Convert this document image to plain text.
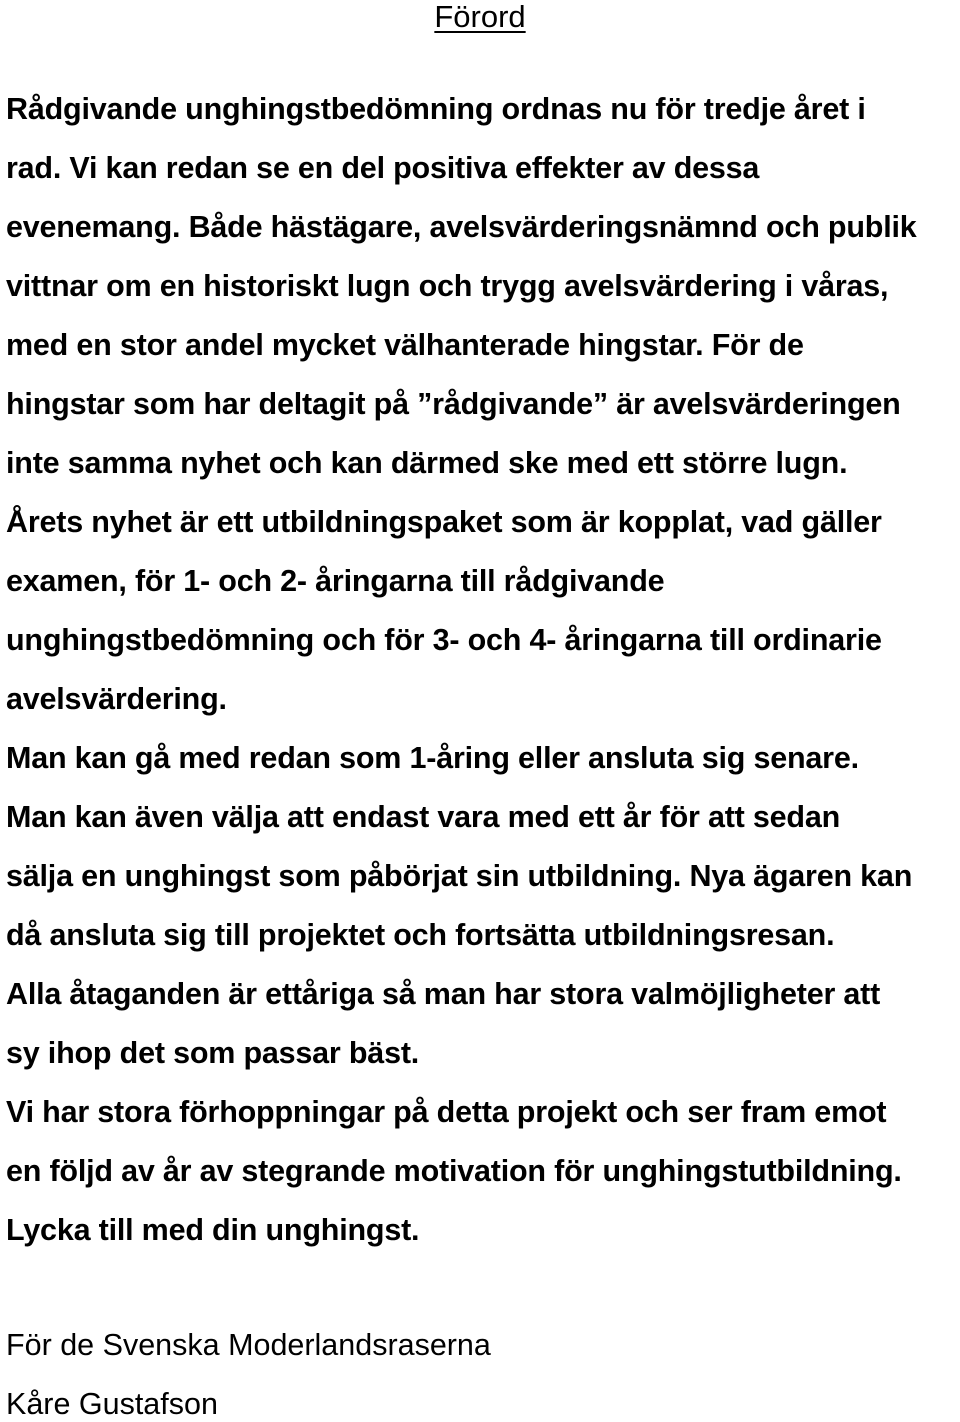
Förord
Rådgivande unghingstbedömning ordnas nu för tredje året i
rad. Vi kan redan se en del positiva effekter av dessa
evenemang. Både hästägare, avelsvärderingsnämnd och publik
vittnar om en historiskt lugn och trygg avelsvärdering i våras,
med en stor andel mycket välhanterade hingstar. För de
hingstar som har deltagit på ”rådgivande” är avelsvärderingen
inte samma nyhet och kan därmed ske med ett större lugn.
Årets nyhet är ett utbildningspaket som är kopplat, vad gäller
examen, för 1- och 2- åringarna till rådgivande
unghingstbedömning och för 3- och 4- åringarna till ordinarie
avelsvärdering.
Man kan gå med redan som 1-åring eller ansluta sig senare.
Man kan även välja att endast vara med ett år för att sedan
sälja en unghingst som påbörjat sin utbildning. Nya ägaren kan
då ansluta sig till projektet och fortsätta utbildningsresan.
Alla åtaganden är ettåriga så man har stora valmöjligheter att
sy ihop det som passar bäst.
Vi har stora förhoppningar på detta projekt och ser fram emot
en följd av år av stegrande motivation för unghingstutbildning.
Lycka till med din unghingst.
För de Svenska Moderlandsraserna
Kåre Gustafson
